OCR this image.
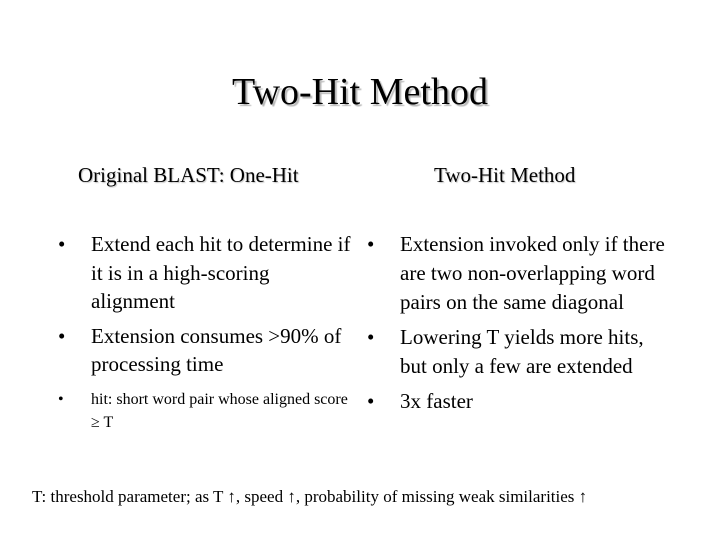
Two-Hit Method
Original BLAST: One-Hit	Two-Hit Method
• Extend each hit to determine if it is in a high-scoring alignment
• Extension consumes >90% of processing time
• hit: short word pair whose aligned score ≥ T
• Extension invoked only if there are two non-overlapping word pairs on the same diagonal
• Lowering T yields more hits, but only a few are extended
• 3x faster
T: threshold parameter; as T ↑, speed ↑, probability of missing weak similarities ↑
